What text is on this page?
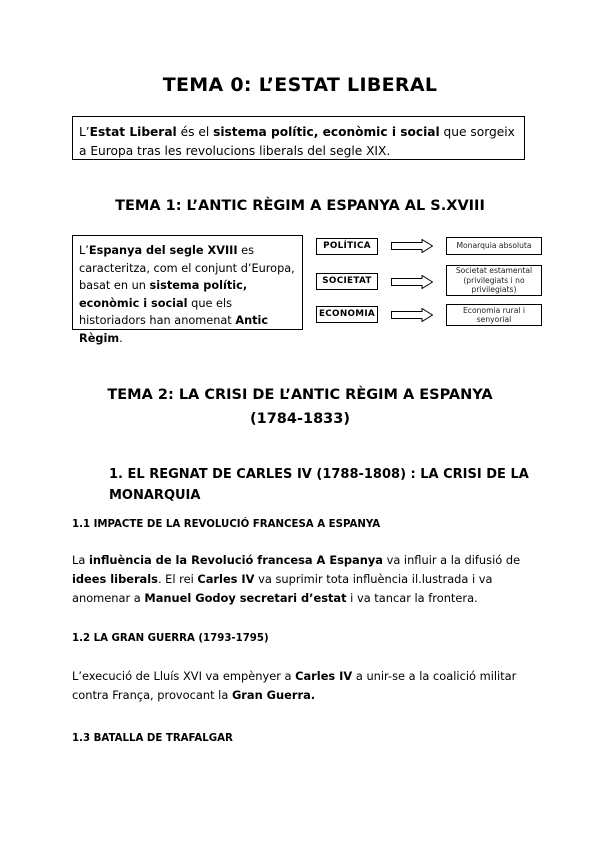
TEMA 0: L’ESTAT LIBERAL
L’Estat Liberal és el sistema polític, econòmic i social que sorgeix a Europa tras les revolucions liberals del segle XIX.
TEMA 1: L’ANTIC RÈGIM A ESPANYA AL S.XVIII
L’Espanya del segle XVIII es caracteritza, com el conjunt d’Europa, basat en un sistema polític, econòmic i social que els historiadors han anomenat Antic Règim.
POLÍTICA	Monarquia absoluta
SOCIETAT
Societat estamental (privilegiats i no privilegiats)
ECONOMIA	Economia rural i senyorial
TEMA 2: LA CRISI DE L’ANTIC RÈGIM A ESPANYA
(1784-1833)
1. EL REGNAT DE CARLES IV (1788-1808) : LA CRISI DE LA MONARQUIA
1.1 IMPACTE DE LA REVOLUCIÓ FRANCESA A ESPANYA
La influència de la Revolució francesa A Espanya va influir a la difusió de idees liberals. El rei Carles IV va suprimir tota influència il.lustrada i va anomenar a Manuel Godoy secretari d’estat i va tancar la frontera.
1.2 LA GRAN GUERRA (1793-1795)
L’execució de Lluís XVI va empènyer a Carles IV a unir-se a la coalició militar contra França, provocant la Gran Guerra.
1.3 BATALLA DE TRAFALGAR
